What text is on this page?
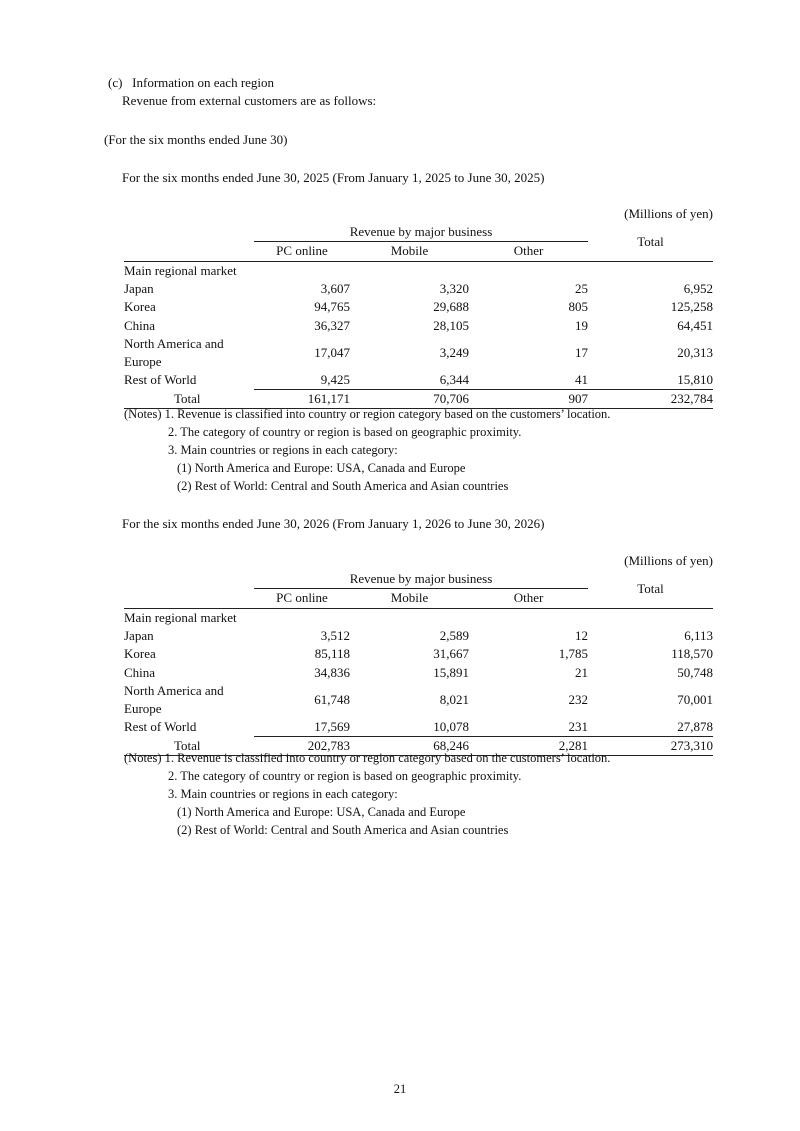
(c)   Information on each region
Revenue from external customers are as follows:
(For the six months ended June 30)
For the six months ended June 30, 2025 (From January 1, 2025 to June 30, 2025)
(Millions of yen)
	Revenue by major business			Total
	PC online	Mobile	Other	
Main regional market				
Japan	3,607	3,320	25	6,952
Korea	94,765	29,688	805	125,258
China	36,327	28,105	19	64,451

North America and
Europe	17,047	3,249	17	20,313
Rest of World	9,425	6,344	41	15,810
Total	161,171	70,706	907	232,784
(Notes) 1. Revenue is classified into country or region category based on the customers’ location.
2. The category of country or region is based on geographic proximity.
3. Main countries or regions in each category:
(1) North America and Europe: USA, Canada and Europe
(2) Rest of World: Central and South America and Asian countries
For the six months ended June 30, 2026 (From January 1, 2026 to June 30, 2026)
(Millions of yen)
	Revenue by major business			Total
	PC online	Mobile	Other	
Main regional market				
Japan	3,512	2,589	12	6,113
Korea	85,118	31,667	1,785	118,570
China	34,836	15,891	21	50,748

North America and
Europe	61,748	8,021	232	70,001
Rest of World	17,569	10,078	231	27,878
Total	202,783	68,246	2,281	273,310
(Notes) 1. Revenue is classified into country or region category based on the customers’ location.
2. The category of country or region is based on geographic proximity.
3. Main countries or regions in each category:
(1) North America and Europe: USA, Canada and Europe
(2) Rest of World: Central and South America and Asian countries
21
